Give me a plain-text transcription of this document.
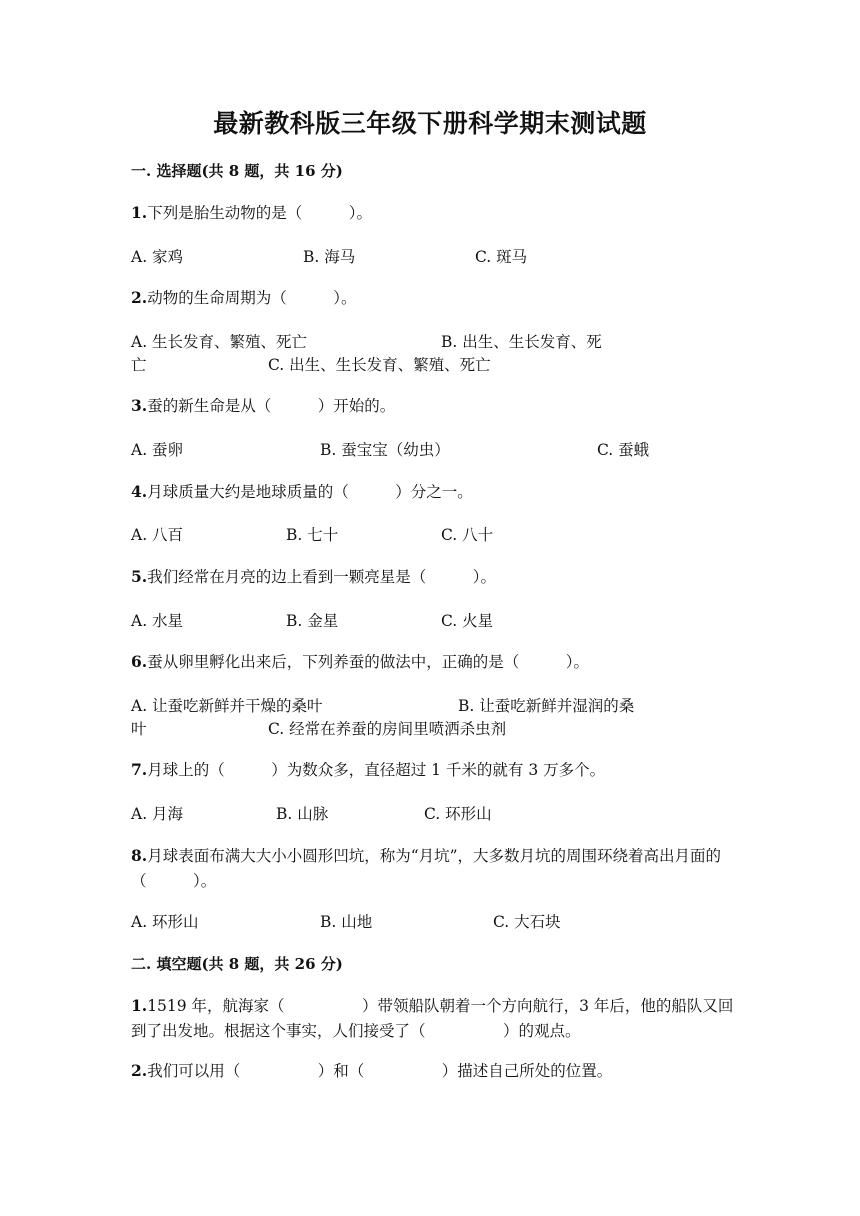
最新教科版三年级下册科学期末测试题
一. 选择题(共 8 题，共 16 分)
1.下列是胎生动物的是（　　　）。
A. 家鸡	B. 海马	C. 斑马
2.动物的生命周期为（　　　）。
A. 生长发育、繁殖、死亡	B. 出生、生长发育、死
亡	C. 出生、生长发育、繁殖、死亡
3.蚕的新生命是从（　　　）开始的。
A. 蚕卵	B. 蚕宝宝（幼虫）	C. 蚕蛾
4.月球质量大约是地球质量的（　　　）分之一。
A. 八百	B. 七十	C. 八十
5.我们经常在月亮的边上看到一颗亮星是（　　　）。
A. 水星	B. 金星	C. 火星
6.蚕从卵里孵化出来后，下列养蚕的做法中，正确的是（　　　）。
A. 让蚕吃新鲜并干燥的桑叶	B. 让蚕吃新鲜并湿润的桑
叶	C. 经常在养蚕的房间里喷洒杀虫剂
7.月球上的（　　　）为数众多，直径超过 1 千米的就有 3 万多个。
A. 月海	B. 山脉	C. 环形山
8.月球表面布满大大小小圆形凹坑，称为“月坑”，大多数月坑的周围环绕着高出月面的（　　　）。
A. 环形山	B. 山地	C. 大石块
二. 填空题(共 8 题，共 26 分)
1.1519 年，航海家（　　　　　）带领船队朝着一个方向航行，3 年后，他的船队又回到了出发地。根据这个事实，人们接受了（　　　　　）的观点。
2.我们可以用（　　　　　）和（　　　　　）描述自己所处的位置。
